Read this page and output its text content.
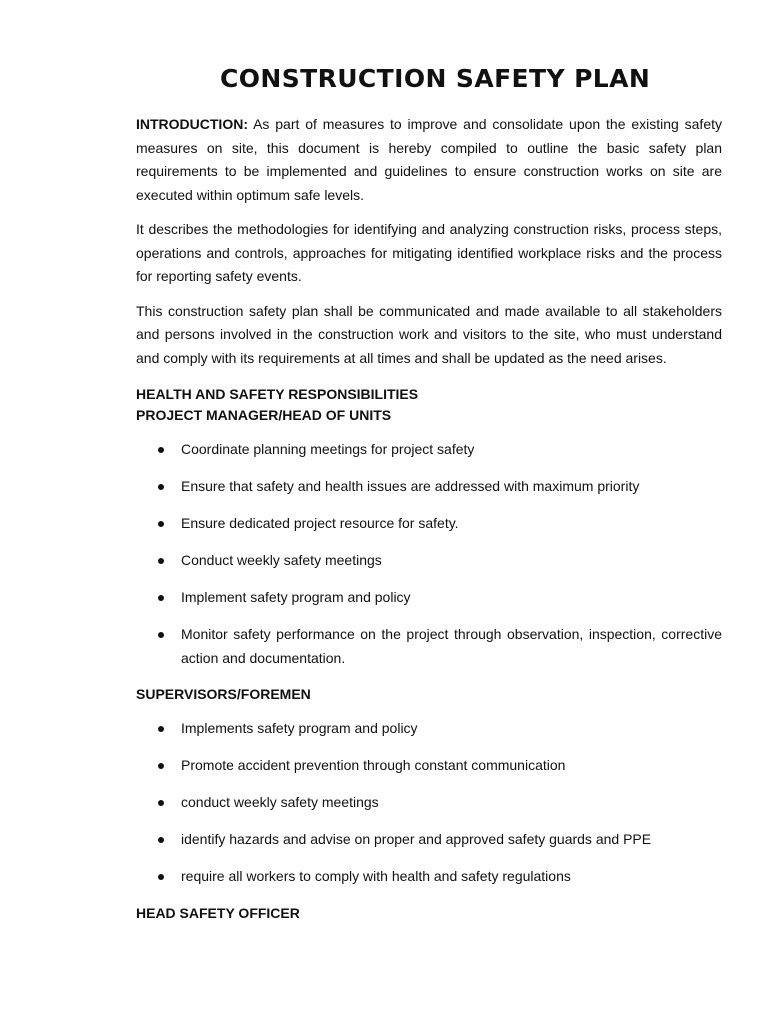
CONSTRUCTION SAFETY PLAN

INTRODUCTION: As part of measures to improve and consolidate upon the existing safety measures on site, this document is hereby compiled to outline the basic safety plan requirements to be implemented and guidelines to ensure construction works on site are executed within optimum safe levels.

It describes the methodologies for identifying and analyzing construction risks, process steps, operations and controls, approaches for mitigating identified workplace risks and the process for reporting safety events.

This construction safety plan shall be communicated and made available to all stakeholders and persons involved in the construction work and visitors to the site, who must understand and comply with its requirements at all times and shall be updated as the need arises.

HEALTH AND SAFETY RESPONSIBILITIES
PROJECT MANAGER/HEAD OF UNITS
Coordinate planning meetings for project safety
Ensure that safety and health issues are addressed with maximum priority
Ensure dedicated project resource for safety.
Conduct weekly safety meetings
Implement safety program and policy
Monitor safety performance on the project through observation, inspection, corrective action and documentation.
SUPERVISORS/FOREMEN
Implements safety program and policy
Promote accident prevention through constant communication
conduct weekly safety meetings
identify hazards and advise on proper and approved safety guards and PPE
require all workers to comply with health and safety regulations
HEAD SAFETY OFFICER
